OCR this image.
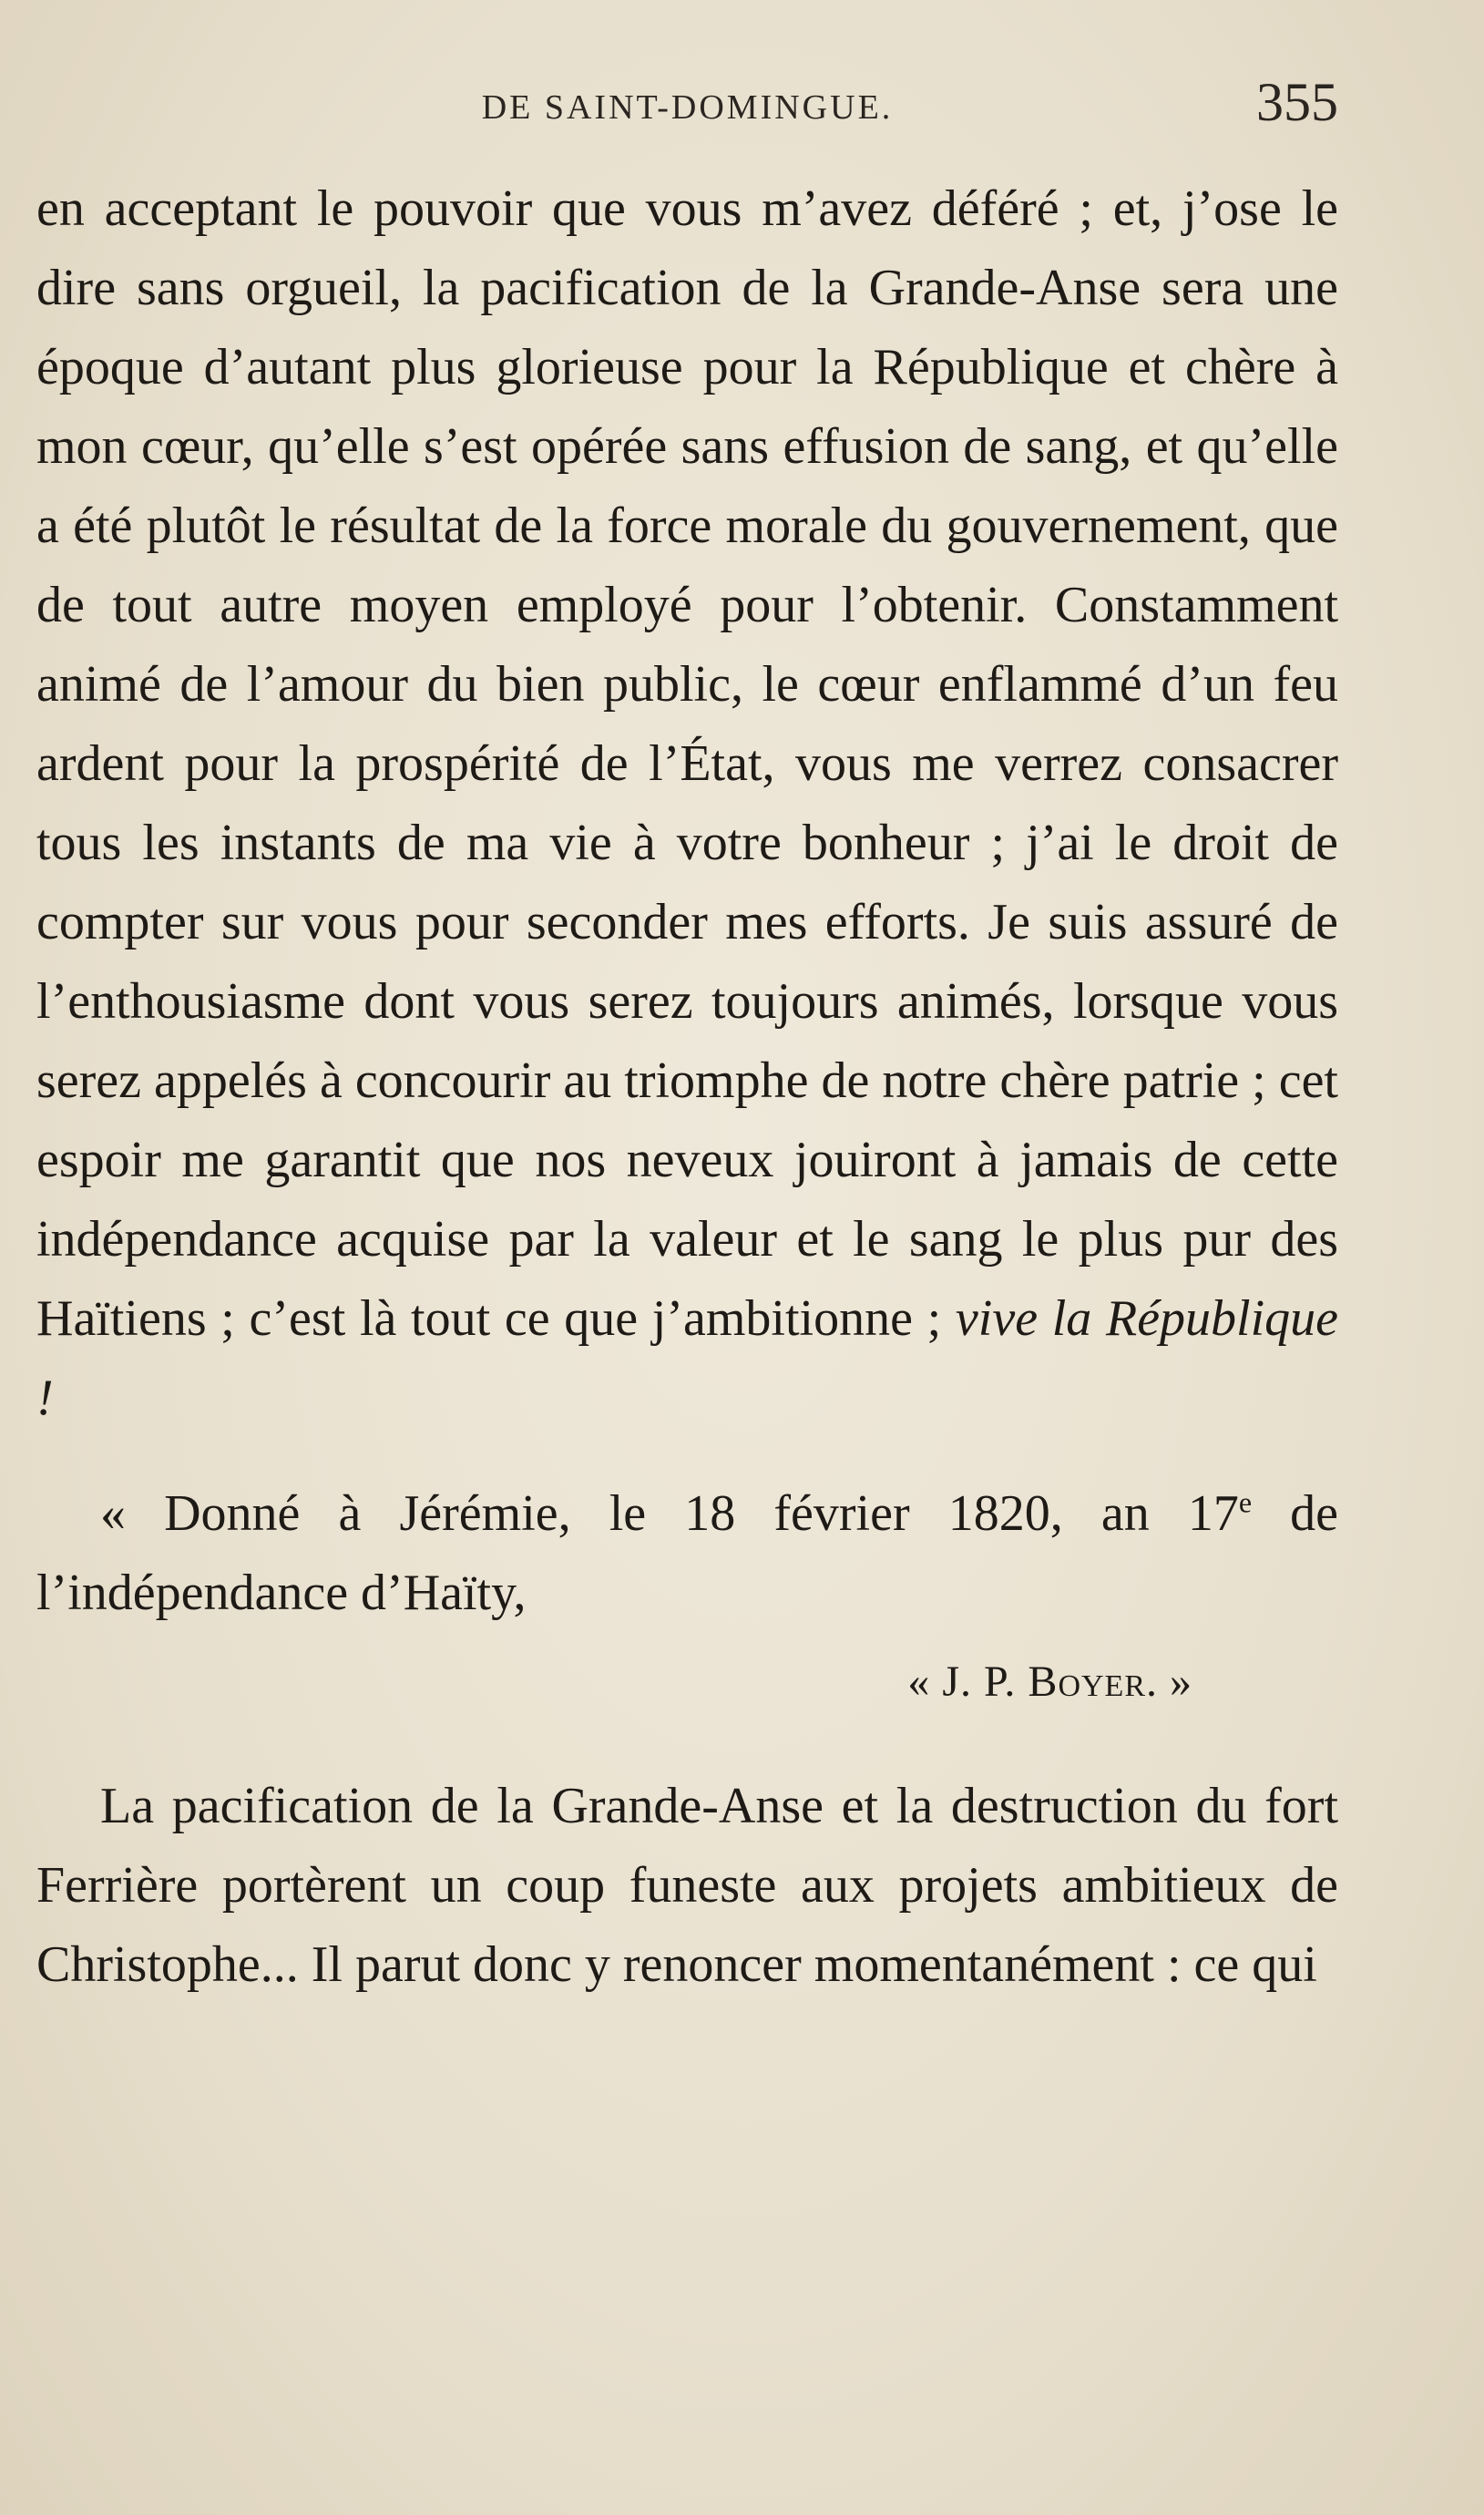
DE SAINT-DOMINGUE.	355

en acceptant le pouvoir que vous m’avez déféré ; et, j’ose le dire sans orgueil, la pacification de la Grande-Anse sera une époque d’autant plus glorieuse pour la République et chère à mon cœur, qu’elle s’est opérée sans effusion de sang, et qu’elle a été plutôt le résultat de la force morale du gouvernement, que de tout autre moyen employé pour l’obtenir. Constamment animé de l’amour du bien public, le cœur enflammé d’un feu ardent pour la prospérité de l’État, vous me verrez consacrer tous les instants de ma vie à votre bonheur ; j’ai le droit de compter sur vous pour seconder mes efforts. Je suis assuré de l’enthousiasme dont vous serez toujours animés, lorsque vous serez appelés à concourir au triomphe de notre chère patrie ; cet espoir me garantit que nos neveux jouiront à jamais de cette indépendance acquise par la valeur et le sang le plus pur des Haïtiens ; c’est là tout ce que j’ambitionne ; vive la République !

« Donné à Jérémie, le 18 février 1820, an 17e de l’indépendance d’Haïty,

« J. P. Boyer. »

La pacification de la Grande-Anse et la destruction du fort Ferrière portèrent un coup funeste aux projets ambitieux de Christophe... Il parut donc y renoncer momentanément : ce qui
